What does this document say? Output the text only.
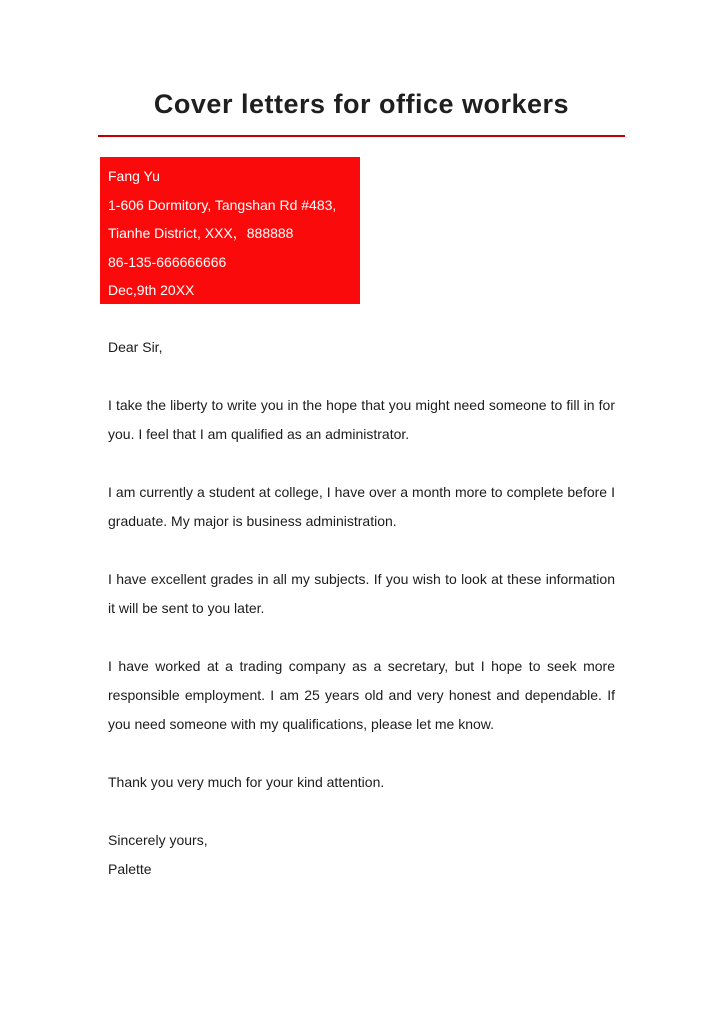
Cover letters for office workers

Fang Yu

1-606 Dormitory, Tangshan Rd #483,

Tianhe District, XXX，888888

86-135-666666666

Dec,9th 20XX

Dear Sir,

I take the liberty to write you in the hope that you might need someone to fill in for you. I feel that I am qualified as an administrator.

I am currently a student at college, I have over a month more to complete before I graduate. My major is business administration.

I have excellent grades in all my subjects. If you wish to look at these information it will be sent to you later.

I have worked at a trading company as a secretary, but I hope to seek more responsible employment. I am 25 years old and very honest and dependable. If you need someone with my qualifications, please let me know.

Thank you very much for your kind attention.

Sincerely yours,

Palette
